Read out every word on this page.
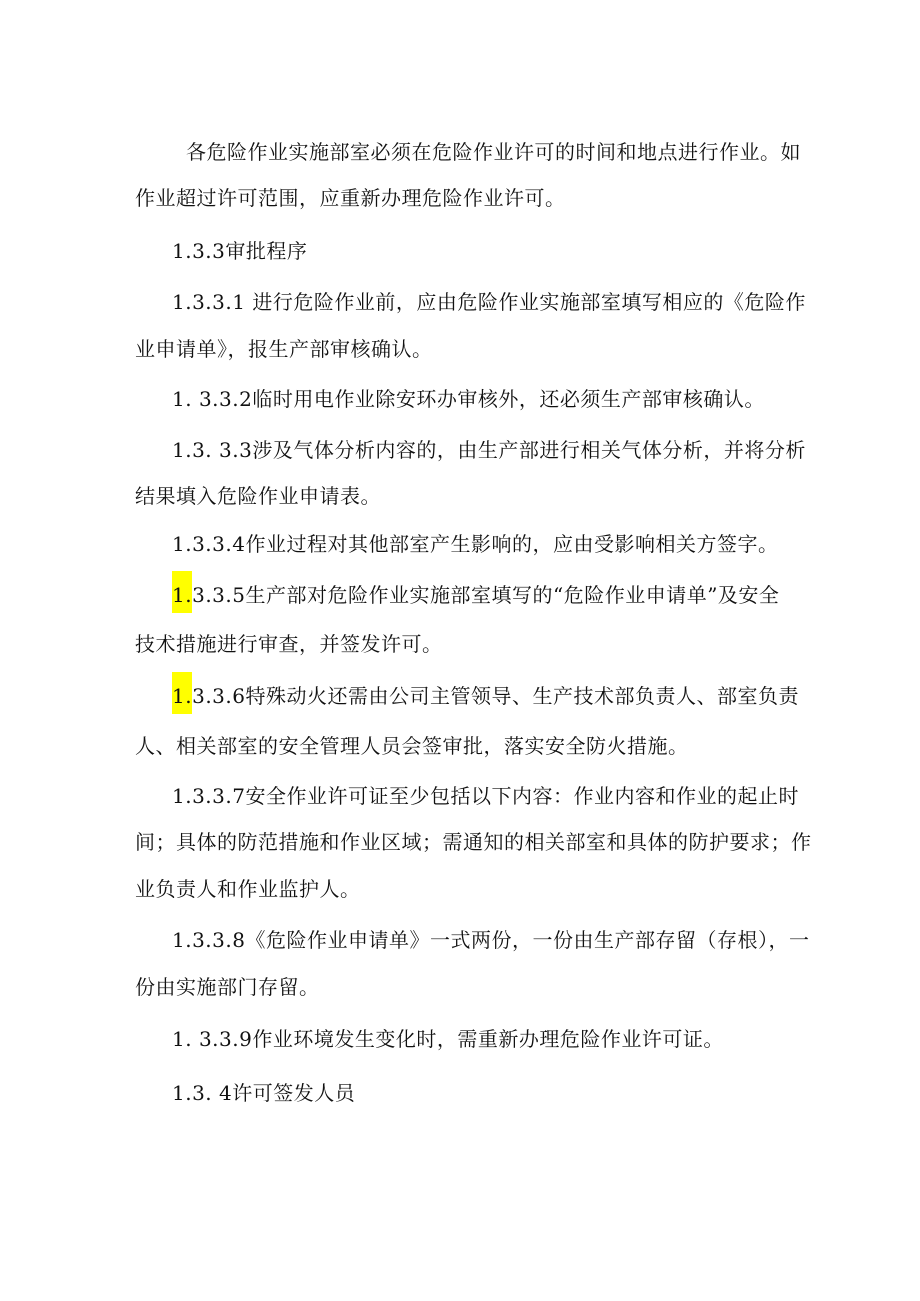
各危险作业实施部室必须在危险作业许可的时间和地点进行作业。如
作业超过许可范围，应重新办理危险作业许可。
1.3.3审批程序
1.3.3.1 进行危险作业前，应由危险作业实施部室填写相应的《危险作
业申请单》，报生产部审核确认。
1. 3.3.2临时用电作业除安环办审核外，还必须生产部审核确认。
1.3. 3.3涉及气体分析内容的，由生产部进行相关气体分析，并将分析
结果填入危险作业申请表。
1.3.3.4作业过程对其他部室产生影响的，应由受影响相关方签字。
1.3.3.5生产部对危险作业实施部室填写的“危险作业申请单”及安全
技术措施进行审查，并签发许可。
1.3.3.6特殊动火还需由公司主管领导、生产技术部负责人、部室负责
人、相关部室的安全管理人员会签审批，落实安全防火措施。
1.3.3.7安全作业许可证至少包括以下内容：作业内容和作业的起止时
间；具体的防范措施和作业区域；需通知的相关部室和具体的防护要求；作
业负责人和作业监护人。
1.3.3.8《危险作业申请单》一式两份，一份由生产部存留（存根），一
份由实施部门存留。
1. 3.3.9作业环境发生变化时，需重新办理危险作业许可证。
1.3. 4许可签发人员
